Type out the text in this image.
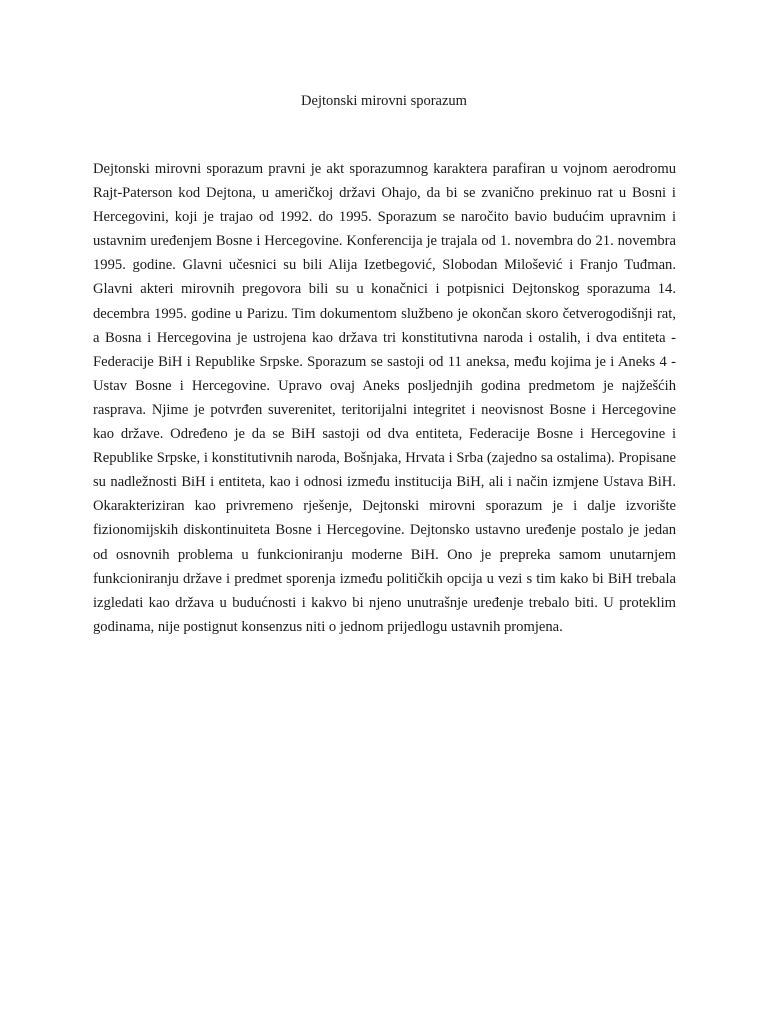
Dejtonski mirovni sporazum

Dejtonski mirovni sporazum pravni je akt sporazumnog karaktera parafiran u vojnom aerodromu Rajt-Paterson kod Dejtona, u američkoj državi Ohajo, da bi se zvanično prekinuo rat u Bosni i Hercegovini, koji je trajao od 1992. do 1995. Sporazum se naročito bavio budućim upravnim i ustavnim uređenjem Bosne i Hercegovine. Konferencija je trajala od 1. novembra do 21. novembra 1995. godine. Glavni učesnici su bili Alija Izetbegović, Slobodan Milošević i Franjo Tuđman. Glavni akteri mirovnih pregovora bili su u konačnici i potpisnici Dejtonskog sporazuma 14. decembra 1995. godine u Parizu. Tim dokumentom službeno je okončan skoro četverogodišnji rat, a Bosna i Hercegovina je ustrojena kao država tri konstitutivna naroda i ostalih, i dva entiteta - Federacije BiH i Republike Srpske. Sporazum se sastoji od 11 aneksa, među kojima je i Aneks 4 - Ustav Bosne i Hercegovine. Upravo ovaj Aneks posljednjih godina predmetom je najžešćih rasprava. Njime je potvrđen suverenitet, teritorijalni integritet i neovisnost Bosne i Hercegovine kao države. Određeno je da se BiH sastoji od dva entiteta, Federacije Bosne i Hercegovine i Republike Srpske, i konstitutivnih naroda, Bošnjaka, Hrvata i Srba (zajedno sa ostalima). Propisane su nadležnosti BiH i entiteta, kao i odnosi između institucija BiH, ali i način izmjene Ustava BiH. Okarakteriziran kao privremeno rješenje, Dejtonski mirovni sporazum je i dalje izvorište fizionomijskih diskontinuiteta Bosne i Hercegovine. Dejtonsko ustavno uređenje postalo je jedan od osnovnih problema u funkcioniranju moderne BiH. Ono je prepreka samom unutarnjem funkcioniranju države i predmet sporenja između političkih opcija u vezi s tim kako bi BiH trebala izgledati kao država u budućnosti i kakvo bi njeno unutrašnje uređenje trebalo biti. U proteklim godinama, nije postignut konsenzus niti o jednom prijedlogu ustavnih promjena.
